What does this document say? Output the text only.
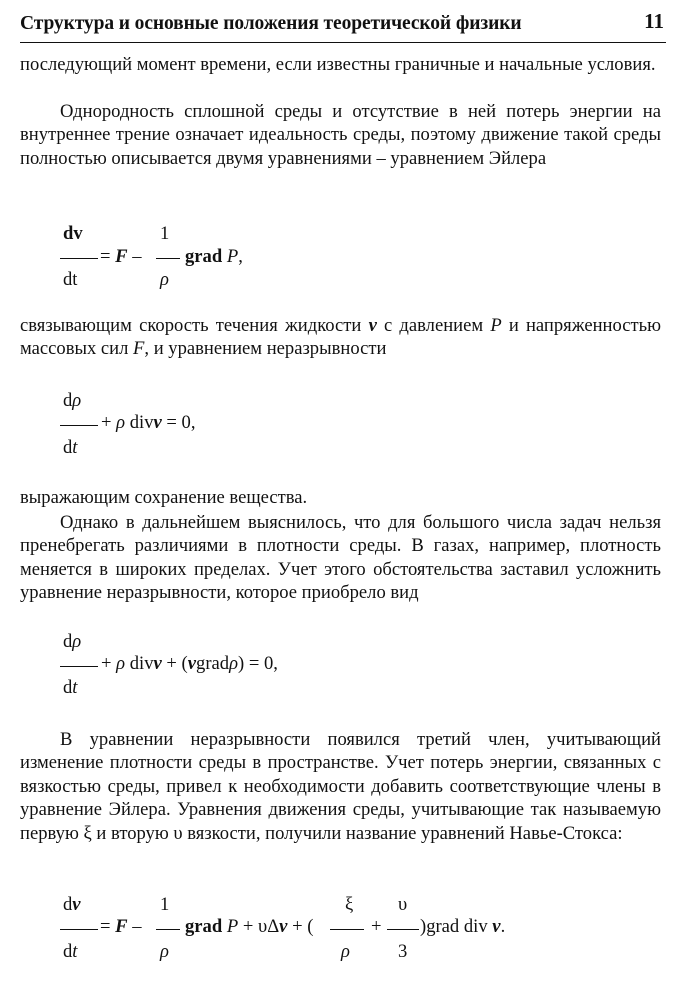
Структура и основные положения теоретической физики	11
последующий момент времени, если известны граничные и начальные условия.
Однородность сплошной среды и отсутствие в ней потерь энергии на внутреннее трение означает идеальность среды, поэтому движение такой среды полностью описывается двумя уравнениями – уравнением Эйлера
dv
dt
= F –
1
ρ
grad P,
связывающим скорость течения жидкости v с давлением P и напряженностью массовых сил F, и уравнением неразрывности
dρ
dt
+ ρ divv = 0,
выражающим сохранение вещества.
Однако в дальнейшем выяснилось, что для большого числа задач нельзя пренебрегать различиями в плотности среды. В газах, например, плотность меняется в широких пределах. Учет этого обстоятельства заставил усложнить уравнение неразрывности, которое приобрело вид
dρ
dt
+ ρ divv + (vgradρ) = 0,
В уравнении неразрывности появился третий член, учитывающий изменение плотности среды в пространстве. Учет потерь энергии, связанных с вязкостью среды, привел к необходимости добавить соответствующие члены в уравнение Эйлера. Уравнения движения среды, учитывающие так называемую первую ξ и вторую υ вязкости, получили название уравнений Навье-Стокса:
dv
dt
= F –
1
ρ
grad P + υΔv + (
ξ
ρ
+
υ
3
)grad div v.
